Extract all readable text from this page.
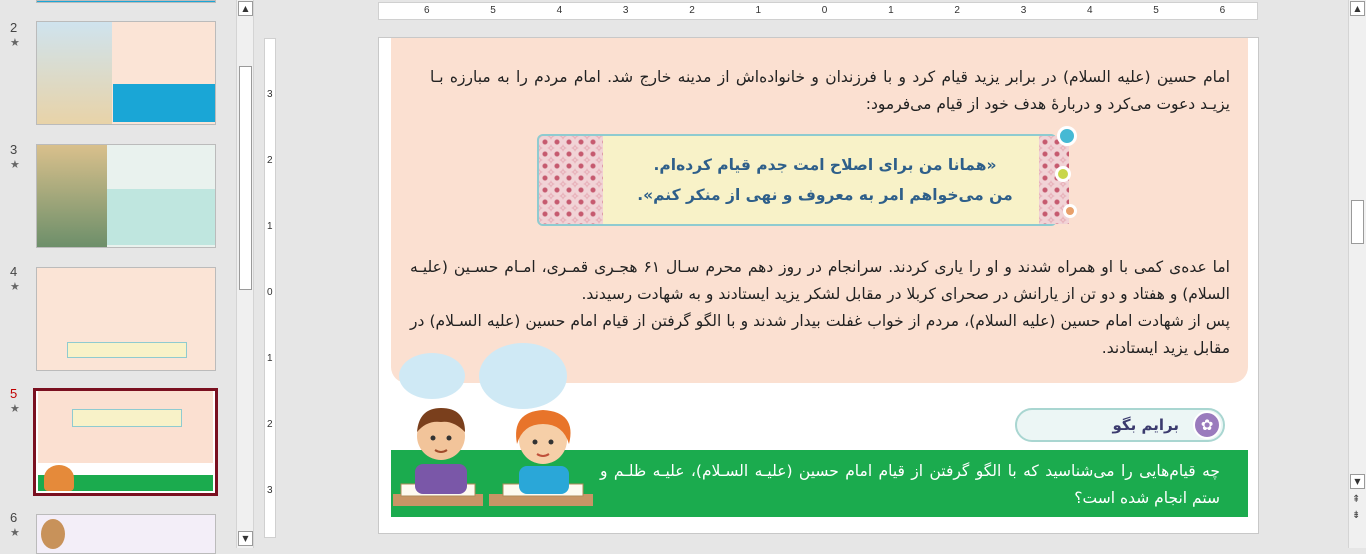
2
★
3
★
4
★
5
★
6
★
▲
▼
6	5	4	3	2	1	0	1	2	3	4	5	6
3
2
1
0
1
2
3
امام حسین (علیه السلام) در برابر یزید قیام کرد و با فرزندان و خانواده‌اش از مدینه خارج شد. امام مردم را به مبارزه بـا یزیـد دعوت می‌کرد و دربارهٔ هدف خود از قیام می‌فرمود:
«همانا من برای اصلاح امت جدم قیام کرده‌ام.
من می‌خواهم امر به معروف و نهی از منکر کنم».
اما عده‌ی کمی با او همراه شدند و او را یاری کردند. سرانجام در روز دهم محرم سـال ۶۱ هجـری قمـری، امـام حسـین (علیـه السلام) و هفتاد و دو تن از یارانش در صحرای کربلا در مقابل لشکر یزید ایستادند و به شهادت رسیدند.
پس از شهادت امام حسین (علیه السلام)، مردم از خواب غفلت بیدار شدند و با الگو گرفتن از قیام امام حسین (علیه السـلام) در مقابل یزید ایستادند.
چه قیام‌هایی را می‌شناسید که با الگو گرفتن از قیام امام حسین (علیـه السـلام)، علیـه ظلـم و ستم انجام شده است؟
برایم بگو	✿
▲
▼
⇞
⇟
